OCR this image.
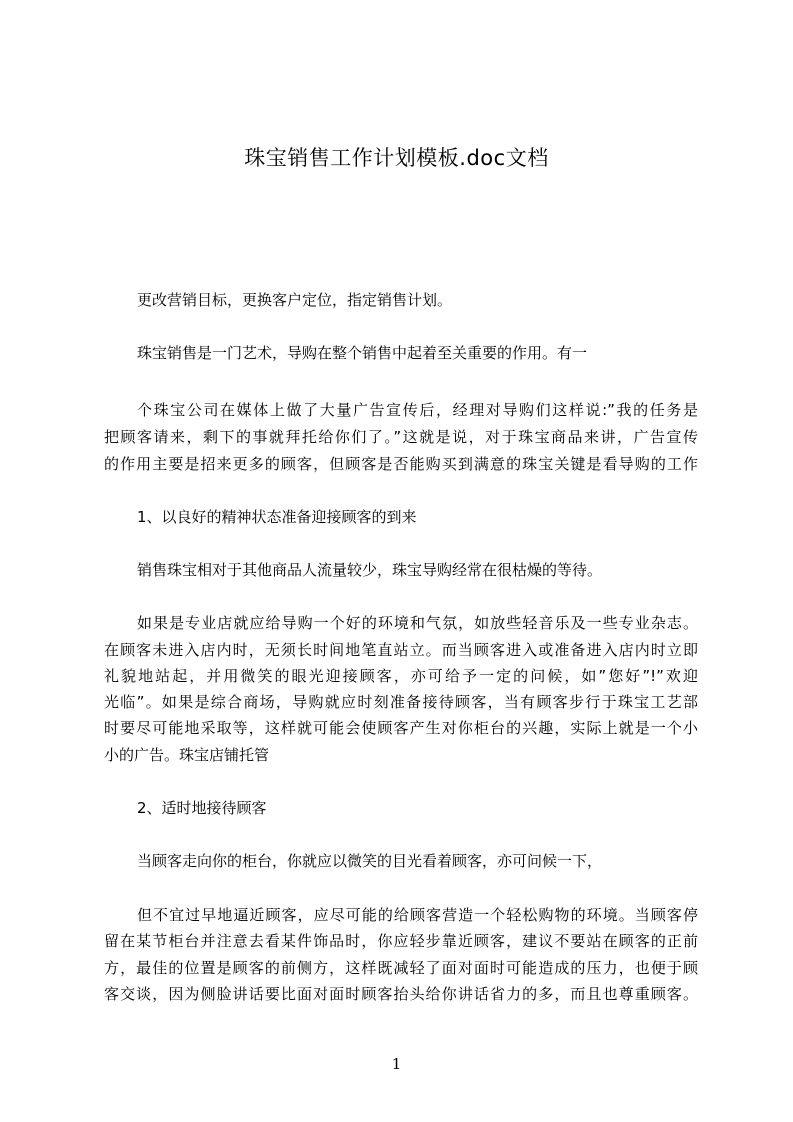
珠宝销售工作计划模板.doc文档
更改营销目标，更换客户定位，指定销售计划。
珠宝销售是一门艺术，导购在整个销售中起着至关重要的作用。有一
个珠宝公司在媒体上做了大量广告宣传后，经理对导购们这样说:”我的任务是
把顾客请来，剩下的事就拜托给你们了。”这就是说，对于珠宝商品来讲，广告宣传
的作用主要是招来更多的顾客，但顾客是否能购买到满意的珠宝关键是看导购的工作
1、以良好的精神状态准备迎接顾客的到来
销售珠宝相对于其他商品人流量较少，珠宝导购经常在很枯燥的等待。
如果是专业店就应给导购一个好的环境和气氛，如放些轻音乐及一些专业杂志。
在顾客未进入店内时，无须长时间地笔直站立。而当顾客进入或准备进入店内时立即
礼貌地站起，并用微笑的眼光迎接顾客，亦可给予一定的问候，如”您好”!”欢迎
光临”。如果是综合商场，导购就应时刻准备接待顾客，当有顾客步行于珠宝工艺部
时要尽可能地采取等，这样就可能会使顾客产生对你柜台的兴趣，实际上就是一个小
小的广告。珠宝店铺托管
2、适时地接待顾客
当顾客走向你的柜台，你就应以微笑的目光看着顾客，亦可问候一下，
但不宜过早地逼近顾客，应尽可能的给顾客营造一个轻松购物的环境。当顾客停
留在某节柜台并注意去看某件饰品时，你应轻步靠近顾客，建议不要站在顾客的正前
方，最佳的位置是顾客的前侧方，这样既减轻了面对面时可能造成的压力，也便于顾
客交谈，因为侧脸讲话要比面对面时顾客抬头给你讲话省力的多，而且也尊重顾客。
1
